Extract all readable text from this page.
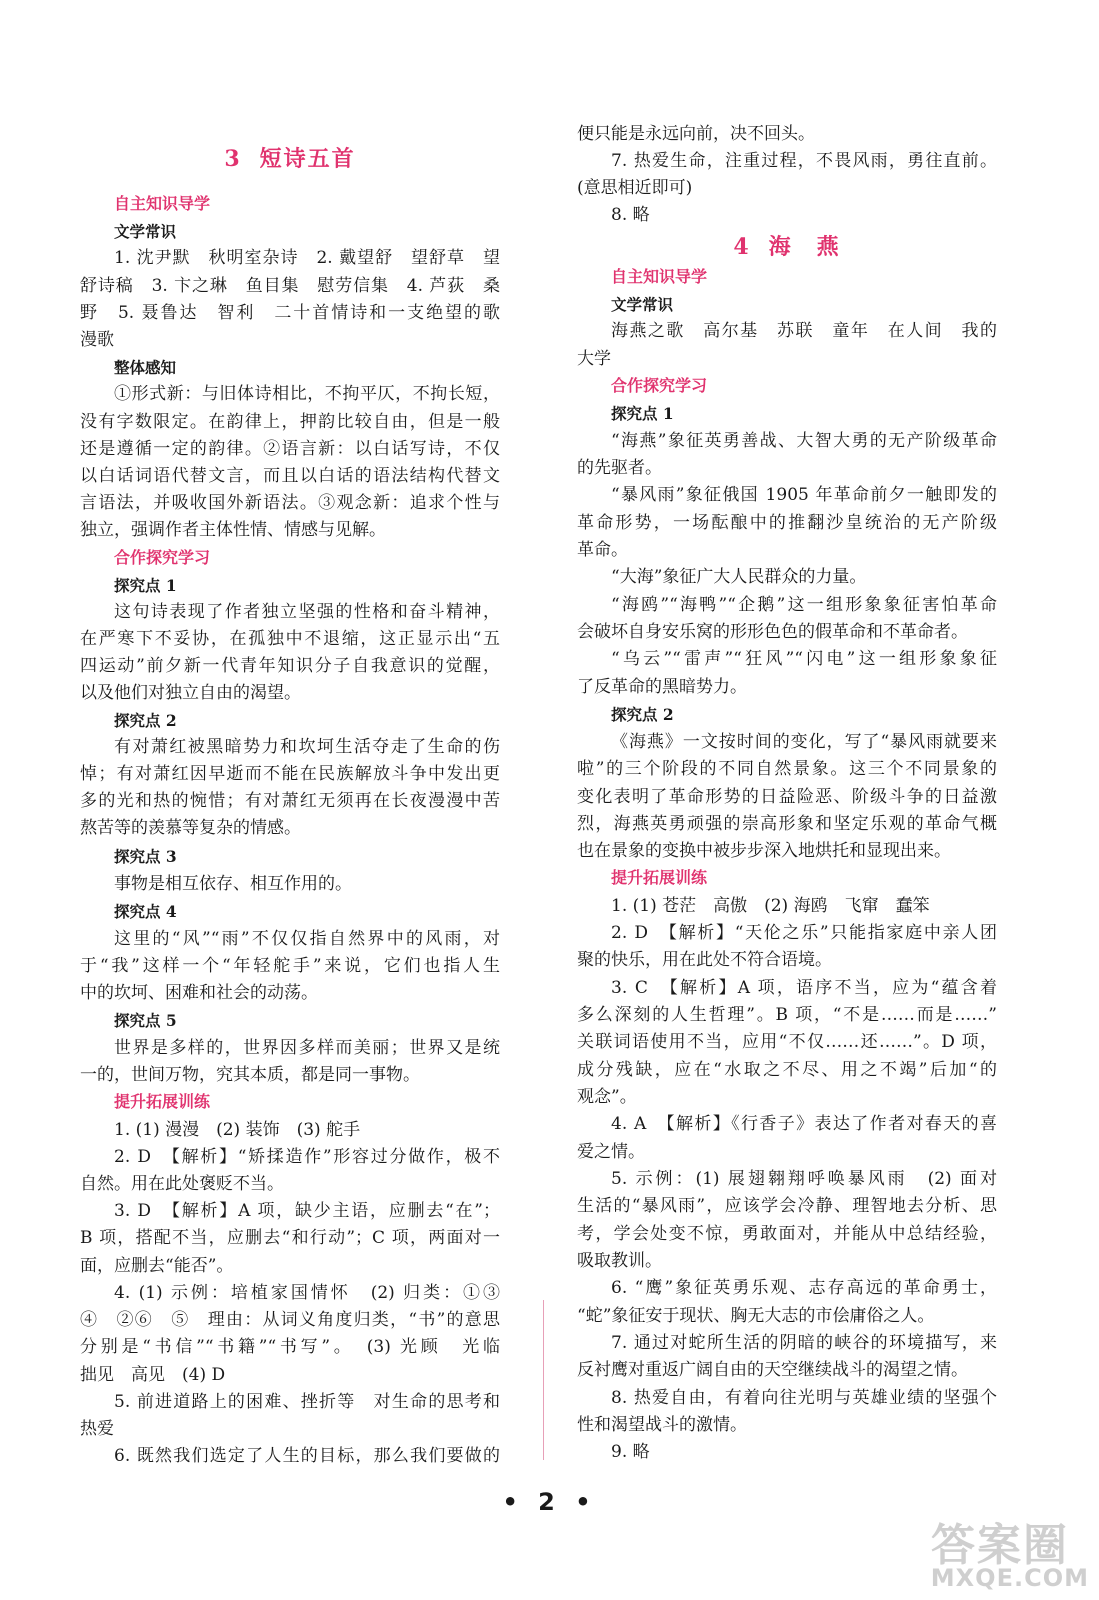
3 短诗五首
自主知识导学
文学常识
1. 沈尹默　秋明室杂诗　2. 戴望舒　望舒草　望
舒诗稿　3. 卞之琳　鱼目集　慰劳信集　4. 芦荻　桑
野　5. 聂鲁达　智利　二十首情诗和一支绝望的歌
漫歌
整体感知
①形式新：与旧体诗相比，不拘平仄，不拘长短，
没有字数限定。在韵律上，押韵比较自由，但是一般
还是遵循一定的韵律。②语言新：以白话写诗，不仅
以白话词语代替文言，而且以白话的语法结构代替文
言语法，并吸收国外新语法。③观念新：追求个性与
独立，强调作者主体性情、情感与见解。
合作探究学习
探究点 1
这句诗表现了作者独立坚强的性格和奋斗精神，
在严寒下不妥协，在孤独中不退缩，这正显示出“五
四运动”前夕新一代青年知识分子自我意识的觉醒，
以及他们对独立自由的渴望。
探究点 2
有对萧红被黑暗势力和坎坷生活夺走了生命的伤
悼；有对萧红因早逝而不能在民族解放斗争中发出更
多的光和热的惋惜；有对萧红无须再在长夜漫漫中苦
熬苦等的羡慕等复杂的情感。
探究点 3
事物是相互依存、相互作用的。
探究点 4
这里的“风”“雨”不仅仅指自然界中的风雨，对
于“我”这样一个“年轻舵手”来说，它们也指人生
中的坎坷、困难和社会的动荡。
探究点 5
世界是多样的，世界因多样而美丽；世界又是统
一的，世间万物，究其本质，都是同一事物。
提升拓展训练
1. (1) 漫漫　(2) 装饰　(3) 舵手
2. D　【解析】“矫揉造作”形容过分做作，极不
自然。用在此处褒贬不当。
3. D　【解析】A 项，缺少主语，应删去“在”；
B 项，搭配不当，应删去“和行动”；C 项，两面对一
面，应删去“能否”。
4. (1) 示例：培植家国情怀　(2) 归类：①③
④　②⑥　⑤　理由：从词义角度归类，“书”的意思
分别是“书信”“书籍”“书写”。　(3) 光顾　光临
拙见　高见　(4) D
5. 前进道路上的困难、挫折等　对生命的思考和
热爱
6. 既然我们选定了人生的目标，那么我们要做的
4 海　燕
便只能是永远向前，决不回头。
7. 热爱生命，注重过程，不畏风雨，勇往直前。
(意思相近即可)
8. 略
自主知识导学
文学常识
海燕之歌　高尔基　苏联　童年　在人间　我的
大学
合作探究学习
探究点 1
“海燕”象征英勇善战、大智大勇的无产阶级革命
的先驱者。
“暴风雨”象征俄国 1905 年革命前夕一触即发的
革命形势，一场酝酿中的推翻沙皇统治的无产阶级
革命。
“大海”象征广大人民群众的力量。
“海鸥”“海鸭”“企鹅”这一组形象象征害怕革命
会破坏自身安乐窝的形形色色的假革命和不革命者。
“乌云”“雷声”“狂风”“闪电”这一组形象象征
了反革命的黑暗势力。
探究点 2
《海燕》一文按时间的变化，写了“暴风雨就要来
啦”的三个阶段的不同自然景象。这三个不同景象的
变化表明了革命形势的日益险恶、阶级斗争的日益激
烈，海燕英勇顽强的崇高形象和坚定乐观的革命气概
也在景象的变换中被步步深入地烘托和显现出来。
提升拓展训练
1. (1) 苍茫　高傲　(2) 海鸥　飞窜　蠢笨
2. D　【解析】“天伦之乐”只能指家庭中亲人团
聚的快乐，用在此处不符合语境。
3. C　【解析】A 项，语序不当，应为“蕴含着
多么深刻的人生哲理”。B 项，“不是……而是……”
关联词语使用不当，应用“不仅……还……”。D 项，
成分残缺，应在“水取之不尽、用之不竭”后加“的
观念”。
4. A　【解析】《行香子》表达了作者对春天的喜
爱之情。
5. 示例：(1) 展翅翱翔呼唤暴风雨　(2) 面对
生活的“暴风雨”，应该学会冷静、理智地去分析、思
考，学会处变不惊，勇敢面对，并能从中总结经验，
吸取教训。
6. “鹰”象征英勇乐观、志存高远的革命勇士，
“蛇”象征安于现状、胸无大志的市侩庸俗之人。
7. 通过对蛇所生活的阴暗的峡谷的环境描写，来
反衬鹰对重返广阔自由的天空继续战斗的渴望之情。
8. 热爱自由，有着向往光明与英雄业绩的坚强个
性和渴望战斗的激情。
9. 略
• 2 •
答案圈
MXQE.COM
